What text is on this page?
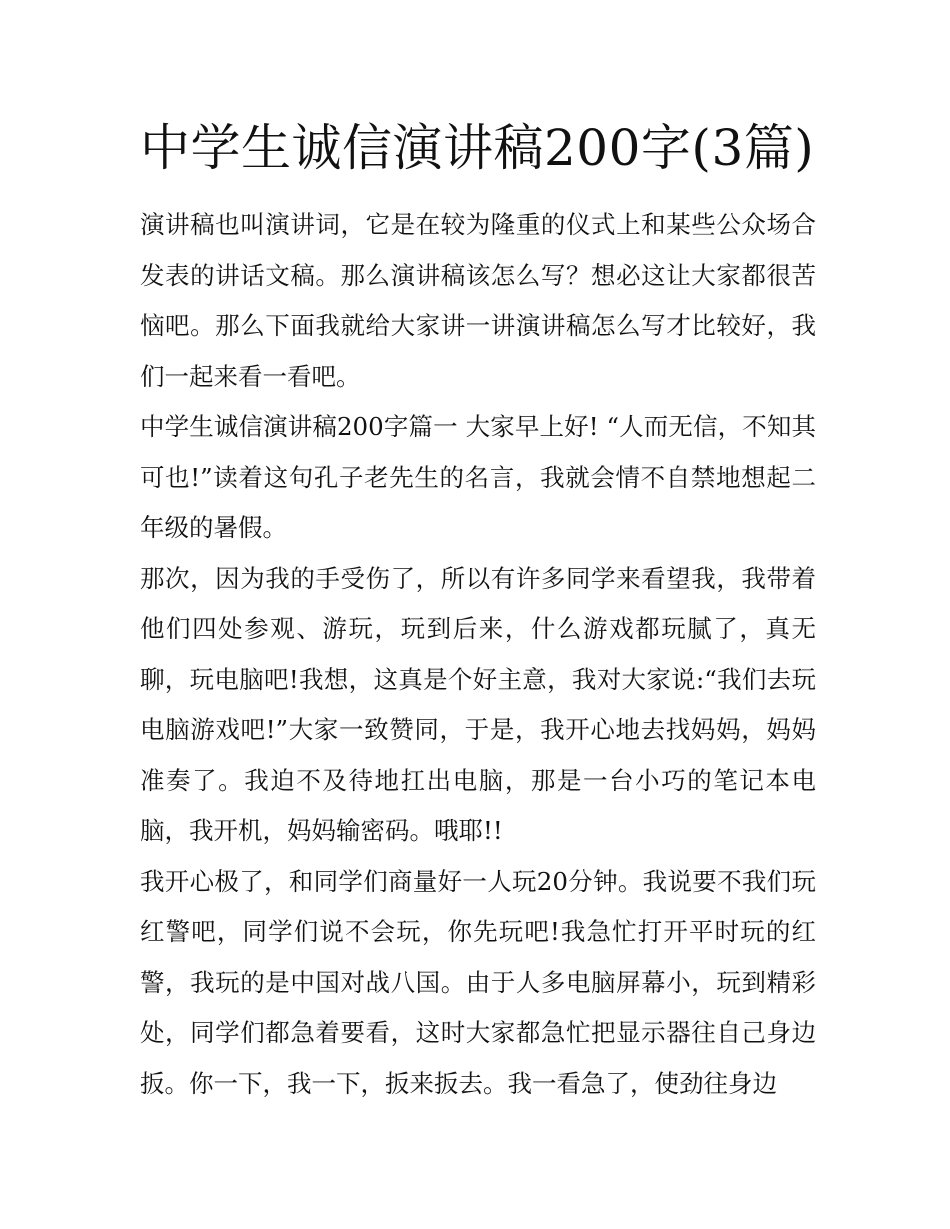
中学生诚信演讲稿200字(3篇)

演讲稿也叫演讲词，它是在较为隆重的仪式上和某些公众场合发表的讲话文稿。那么演讲稿该怎么写？想必这让大家都很苦恼吧。那么下面我就给大家讲一讲演讲稿怎么写才比较好，我们一起来看一看吧。

中学生诚信演讲稿200字篇一 大家早上好! “人而无信，不知其可也!”读着这句孔子老先生的名言，我就会情不自禁地想起二年级的暑假。

那次，因为我的手受伤了，所以有许多同学来看望我，我带着他们四处参观、游玩，玩到后来，什么游戏都玩腻了，真无聊，玩电脑吧!我想，这真是个好主意，我对大家说:“我们去玩电脑游戏吧!”大家一致赞同，于是，我开心地去找妈妈，妈妈准奏了。我迫不及待地扛出电脑，那是一台小巧的笔记本电脑，我开机，妈妈输密码。哦耶!!

我开心极了，和同学们商量好一人玩20分钟。我说要不我们玩红警吧，同学们说不会玩，你先玩吧!我急忙打开平时玩的红警，我玩的是中国对战八国。由于人多电脑屏幕小，玩到精彩处，同学们都急着要看，这时大家都急忙把显示器往自己身边扳。你一下，我一下，扳来扳去。我一看急了，使劲往身边
